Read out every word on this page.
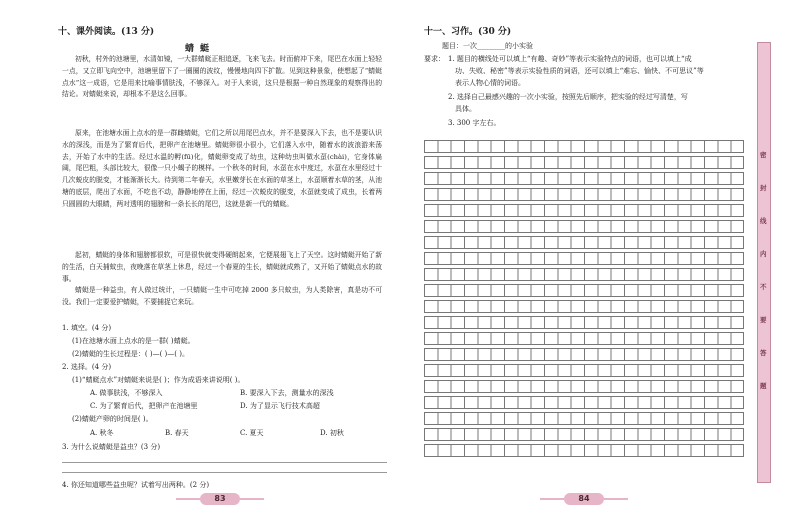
十、课外阅读。(13 分)
蜻蜓

初秋，村外的池塘里，水清如镜，一大群蜻蜓正相追逐，飞来飞去。时而俯冲下来，尾巴在水面上轻轻一点，又立即飞向空中，池塘里留下了一圈圈的波纹，慢慢地向四下扩散。见到这种景象，使想起了“蜻蜓点水”这一成语，它是用来比喻事情肤浅，不够深入。对于人来说，这只是根据一种自然现象的观察得出的结论。对蜻蜓来说，却根本不是这么回事。

原来，在池塘水面上点水的是一群雌蜻蜓，它们之所以用尾巴点水，并不是要深入下去，也不是要认识水的深浅，而是为了繁育后代，把卵产在池塘里。蜻蜓卵很小很小，它们落入水中，随着水的波浪游来荡去，开始了水中的生活。经过水温的孵(fū)化，蜻蜓卵变成了幼虫，这种幼虫叫做水虿(chài)，它身体扁阔，尾巴粗，头部比较大，很像一只小蝎子的模样。一个秋冬的时间，水虿在水中度过，水虿在水里经过十几次蜕皮的脱变，才能渐渐长大。待到第二年春天，水里嫩芽长在水面的草茎上，水虿顺着水草的茎，从池塘的底层，爬出了水面，不吃也不动，静静地停在上面，经过一次蜕皮的脱变，水虿就变成了成虫，长着两只圆圆的大眼睛，两对透明的翅膀和一条长长的尾巴，这就是新一代的蜻蜓。

起初，蜻蜓的身体和翅膀都很软，可是很快就变得硬朗起来，它便展翅飞上了天空。这时蜻蜓开始了新的生活，白天捕蚊虫，夜晚落在草茎上休息，经过一个春夏的生长，蜻蜓就成熟了，又开始了蜻蜓点水的故事。

蜻蜓是一种益虫，有人做过统计，一只蜻蜓一生中可吃掉 2000 多只蚊虫，为人类除害，真是功不可没。我们一定要爱护蜻蜓，不要捕捉它来玩。

1. 填空。(4 分)
(1)在池塘水面上点水的是一群( )蜻蜓。
(2)蜻蜓的生长过程是：( )—( )—( )。
2. 选择。(4 分)
(1)“蜻蜓点水”对蜻蜓来说是( )；作为成语来讲说明( )。
A. 做事肤浅，不够深入	B. 要深入下去，测量水的深浅
C. 为了繁育后代，把卵产在池塘里	D. 为了显示飞行技术高超
(2)蜻蜓产卵的时间是( )。
A. 秋冬	B. 春天	C. 夏天	D. 初秋
3. 为什么说蜻蜓是益虫？(3 分)
4. 你还知道哪些益虫呢？试着写出两种。(2 分)
83
十一、习作。(30 分)
题目：一次________的小实验
要求： 1. 题目的横线处可以填上“有趣、奇妙”等表示实验特点的词语，也可以填上“成
功、失败、秘密”等表示实验性质的词语，还可以填上“难忘、愉快、不可思议”等
表示人物心情的词语。
2. 选择自己最感兴趣的一次小实验，按照先后顺序，把实验的经过写清楚，写
具体。
3. 300 字左右。
密
封
线
内
不
要
答
题
84
